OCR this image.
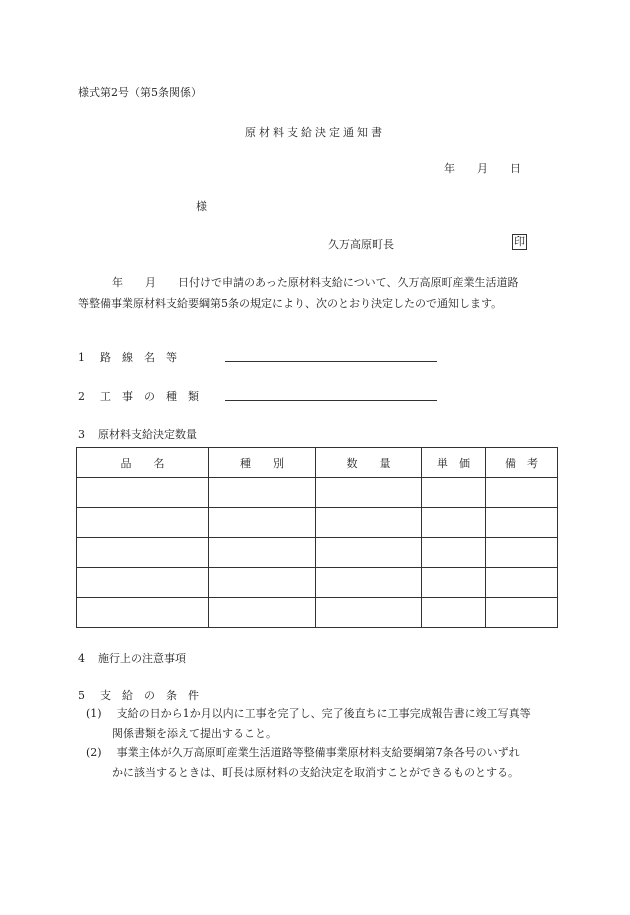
様式第2号（第5条関係）
原材料支給決定通知書
年 月 日
様
久万高原町長	印
年 月 日付けで申請のあった原材料支給について、久万高原町産業生活道路
等整備事業原材料支給要綱第5条の規定により、次のとおり決定したので通知します。
1 路　線　名　等
2 工　事　の　種　類
3 原材料支給決定数量
品　　名	種　　別	数　　量	単　価	備　考

4 施行上の注意事項
5 支　給　の　条　件
(1) 支給の日から1か月以内に工事を完了し、完了後直ちに工事完成報告書に竣工写真等
関係書類を添えて提出すること。
(2) 事業主体が久万高原町産業生活道路等整備事業原材料支給要綱第7条各号のいずれ
かに該当するときは、町長は原材料の支給決定を取消すことができるものとする。
